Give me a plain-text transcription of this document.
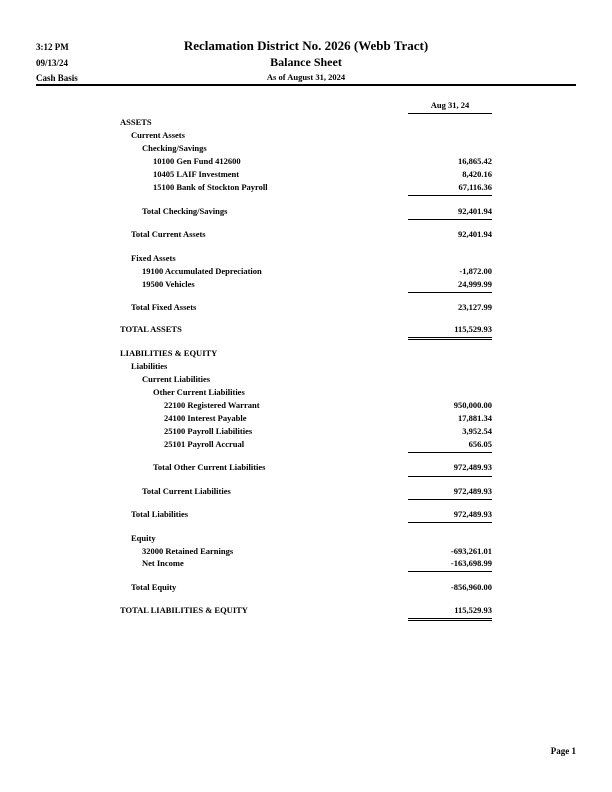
3:12 PM
09/13/24
Cash Basis
Reclamation District No. 2026 (Webb Tract)
Balance Sheet
As of August 31, 2024
Aug 31, 24
ASSETS
Current Assets
Checking/Savings
10100 Gen Fund 412600	16,865.42
10405 LAIF Investment	8,420.16
15100 Bank of Stockton Payroll	67,116.36
Total Checking/Savings	92,401.94
Total Current Assets	92,401.94
Fixed Assets
19100 Accumulated Depreciation	-1,872.00
19500 Vehicles	24,999.99
Total Fixed Assets	23,127.99
TOTAL ASSETS	115,529.93
LIABILITIES & EQUITY
Liabilities
Current Liabilities
Other Current Liabilities
22100 Registered Warrant	950,000.00
24100 Interest Payable	17,881.34
25100 Payroll Liabilities	3,952.54
25101 Payroll Accrual	656.05
Total Other Current Liabilities	972,489.93
Total Current Liabilities	972,489.93
Total Liabilities	972,489.93
Equity
32000 Retained Earnings	-693,261.01
Net Income	-163,698.99
Total Equity	-856,960.00
TOTAL LIABILITIES & EQUITY	115,529.93
Page 1
